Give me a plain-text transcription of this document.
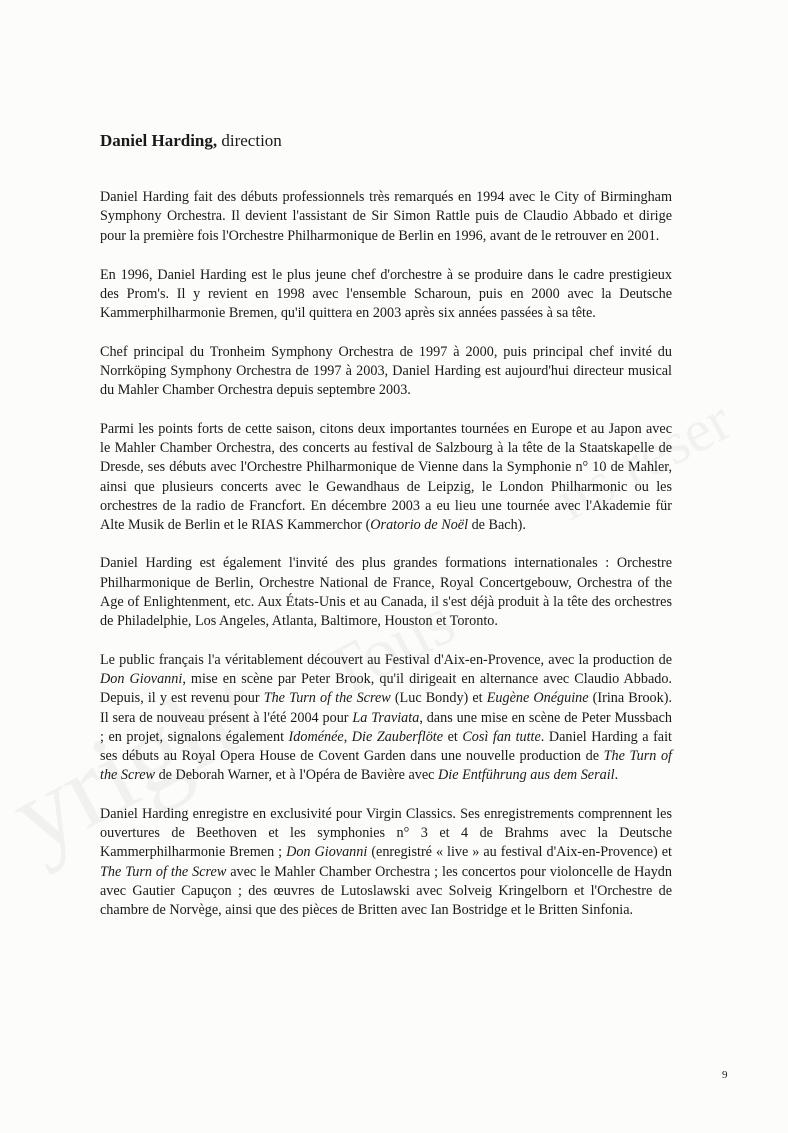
Daniel Harding, direction

Daniel Harding fait des débuts professionnels très remarqués en 1994 avec le City of Birmingham Symphony Orchestra. Il devient l'assistant de Sir Simon Rattle puis de Claudio Abbado et dirige pour la première fois l'Orchestre Philharmonique de Berlin en 1996, avant de le retrouver en 2001.

En 1996, Daniel Harding est le plus jeune chef d'orchestre à se produire dans le cadre prestigieux des Prom's. Il y revient en 1998 avec l'ensemble Scharoun, puis en 2000 avec la Deutsche Kammerphilharmonie Bremen, qu'il quittera en 2003 après six années passées à sa tête.

Chef principal du Tronheim Symphony Orchestra de 1997 à 2000, puis principal chef invité du Norrköping Symphony Orchestra de 1997 à 2003, Daniel Harding est aujourd'hui directeur musical du Mahler Chamber Orchestra depuis septembre 2003.

Parmi les points forts de cette saison, citons deux importantes tournées en Europe et au Japon avec le Mahler Chamber Orchestra, des concerts au festival de Salzbourg à la tête de la Staatskapelle de Dresde, ses débuts avec l'Orchestre Philharmonique de Vienne dans la Symphonie n° 10 de Mahler, ainsi que plusieurs concerts avec le Gewandhaus de Leipzig, le London Philharmonic ou les orchestres de la radio de Francfort. En décembre 2003 a eu lieu une tournée avec l'Akademie für Alte Musik de Berlin et le RIAS Kammerchor (Oratorio de Noël de Bach).

Daniel Harding est également l'invité des plus grandes formations internationales : Orchestre Philharmonique de Berlin, Orchestre National de France, Royal Concertgebouw, Orchestra of the Age of Enlightenment, etc. Aux États-Unis et au Canada, il s'est déjà produit à la tête des orchestres de Philadelphie, Los Angeles, Atlanta, Baltimore, Houston et Toronto.

Le public français l'a véritablement découvert au Festival d'Aix-en-Provence, avec la production de Don Giovanni, mise en scène par Peter Brook, qu'il dirigeait en alternance avec Claudio Abbado. Depuis, il y est revenu pour The Turn of the Screw (Luc Bondy) et Eugène Onéguine (Irina Brook). Il sera de nouveau présent à l'été 2004 pour La Traviata, dans une mise en scène de Peter Mussbach ; en projet, signalons également Idoménée, Die Zauberflöte et Così fan tutte. Daniel Harding a fait ses débuts au Royal Opera House de Covent Garden dans une nouvelle production de The Turn of the Screw de Deborah Warner, et à l'Opéra de Bavière avec Die Entführung aus dem Serail.

Daniel Harding enregistre en exclusivité pour Virgin Classics. Ses enregistrements comprennent les ouvertures de Beethoven et les symphonies n° 3 et 4 de Brahms avec la Deutsche Kammerphilharmonie Bremen ; Don Giovanni (enregistré « live » au festival d'Aix-en-Provence) et The Turn of the Screw avec le Mahler Chamber Orchestra ; les concertos pour violoncelle de Haydn avec Gautier Capuçon ; des œuvres de Lutoslawski avec Solveig Kringelborn et l'Orchestre de chambre de Norvège, ainsi que des pièces de Britten avec Ian Bostridge et le Britten Sinfonia.

9
